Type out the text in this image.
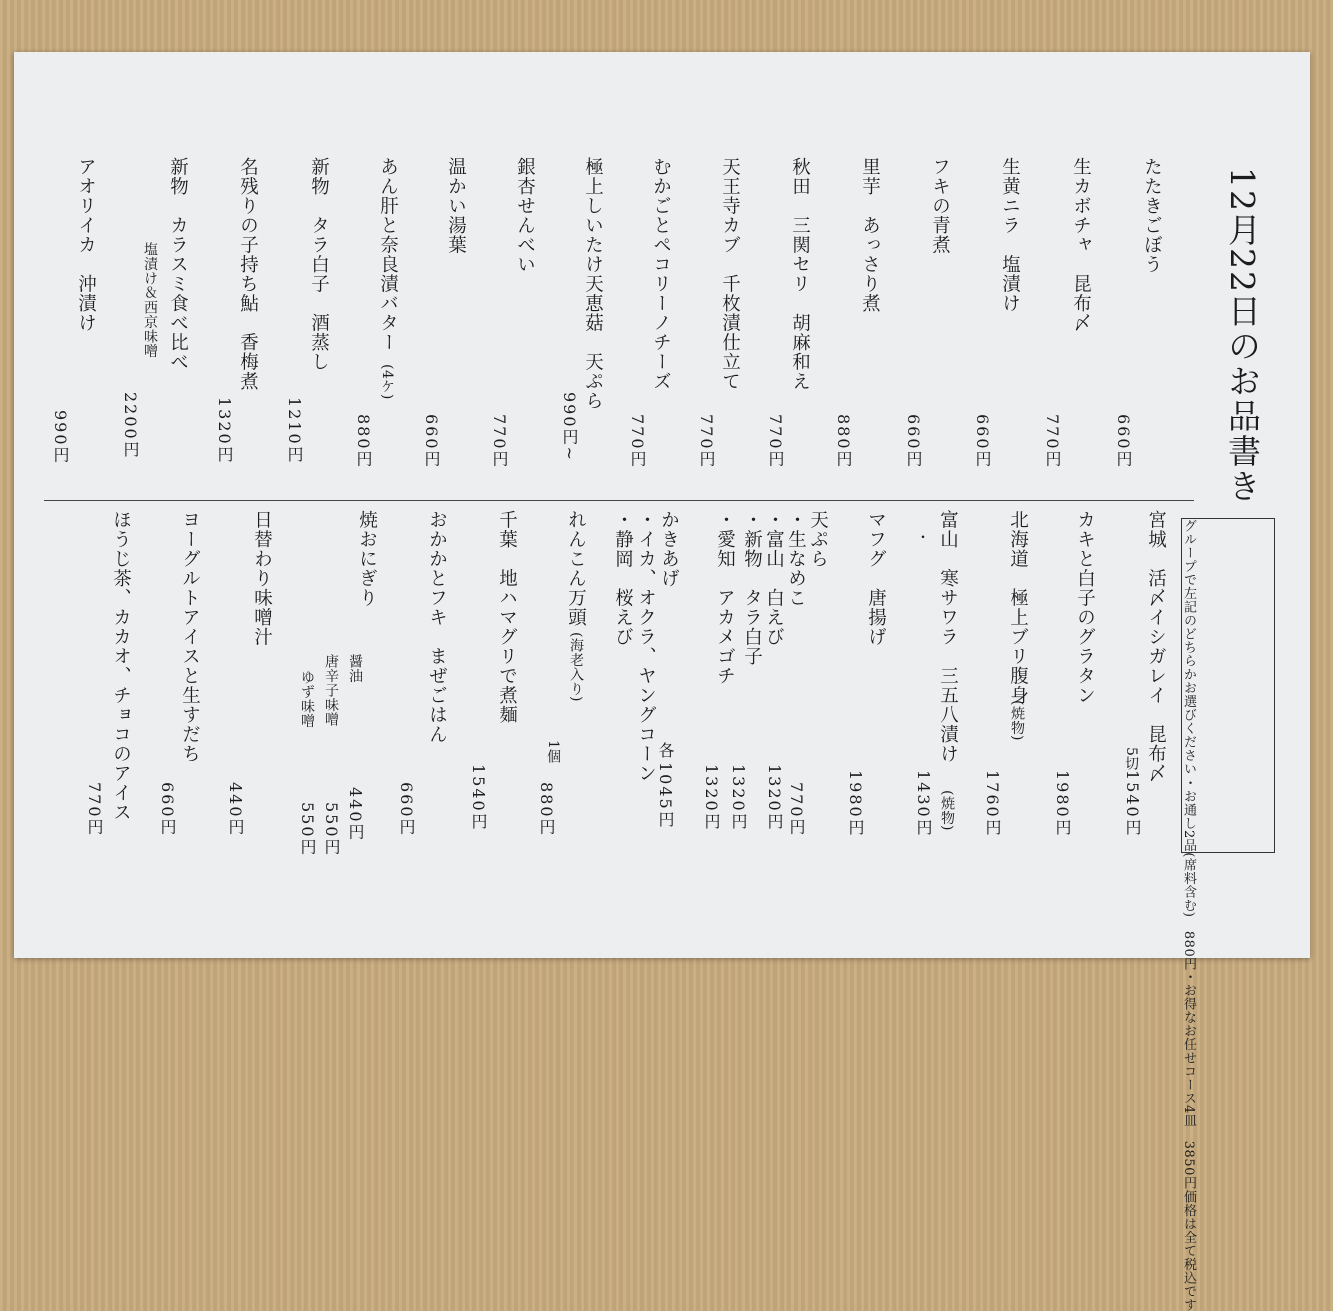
12月22日のお品書き
グループで左記のどちらかお選びください
・お通し2品(席料含む)　880円
・お得なお任せコース4皿　3850円
価格は全て税込です
たたきごぼう
660円
生カボチャ　昆布〆
770円
生黄ニラ　塩漬け
660円
フキの青煮
660円
里芋　あっさり煮
880円
秋田　三関セリ　胡麻和え
770円
天王寺カブ　千枚漬仕立て
770円
むかごとペコリーノチーズ
770円
極上しいたけ天恵菇　天ぷら
990円~
銀杏せんべい
770円
温かい湯葉
660円
あん肝と奈良漬バター
(4ケ)
880円
新物　タラ白子　酒蒸し
1210円
名残りの子持ち鮎　香梅煮
1320円
新物　カラスミ食べ比べ
塩漬け＆西京味噌
2200円
アオリイカ　沖漬け
990円
宮城　活〆イシガレイ　昆布〆
5切
1540円
カキと白子のグラタン
1980円
北海道　極上ブリ腹身
(焼物)
1760円
富山　寒サワラ　三五八漬け
・
(焼物)
1430円
マフグ　唐揚げ
1980円
天ぷら
・生なめこ
770円
・富山　白えび
1320円
・新物　タラ白子
1320円
・愛知　アカメゴチ
1320円
かきあげ
・イカ、オクラ、ヤングコーン
・静岡　桜えび
各
1045円
れんこん万頭
(海老入り)
1個
880円
千葉　地ハマグリで煮麺
1540円
おかかとフキ　まぜごはん
660円
焼おにぎり
醤油
440円
唐辛子味噌
550円
ゆず味噌
550円
日替わり味噌汁
440円
ヨーグルトアイスと生すだち
660円
ほうじ茶、カカオ、チョコのアイス
770円
